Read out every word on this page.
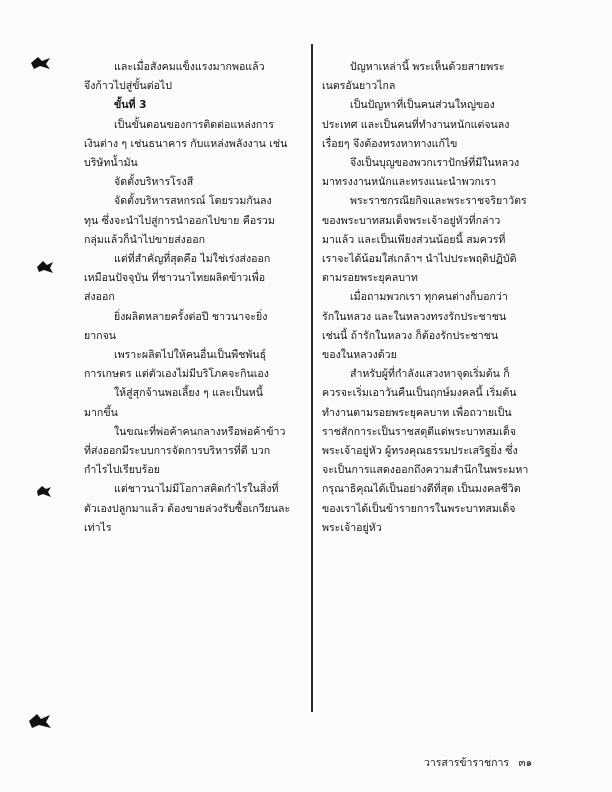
และเมื่อสังคมแข็งแรงมากพอแล้ว

จึงก้าวไปสู่ขั้นต่อไป

ขั้นที่ 3

เป็นขั้นตอนของการติดต่อแหล่งการ

เงินต่าง ๆ เช่นธนาคาร กับแหล่งพลังงาน เช่น

บริษัทน้ำมัน

จัดตั้งบริหารโรงสี

จัดตั้งบริหารสหกรณ์ โดยรวมกันลง

ทุน ซึ่งจะนำไปสู่การนำออกไปขาย คือรวม

กลุ่มแล้วก็นำไปขายส่งออก

แต่ที่สำคัญที่สุดคือ ไม่ใช่เร่งส่งออก

เหมือนปัจจุบัน ที่ชาวนาไทยผลิตข้าวเพื่อ

ส่งออก

ยิ่งผลิตหลายครั้งต่อปี ชาวนาจะยิ่ง

ยากจน

เพราะผลิตไปให้คนอื่นเป็นพืชพันธุ์

การเกษตร แต่ตัวเองไม่มีบริโภคจะกินเอง

ให้สู่สุกจ้านพอเลี้ยง ๆ และเป็นหนี้

มากขึ้น

ในขณะที่พ่อค้าคนกลางหรือพ่อค้าข้าว

ที่ส่งออกมีระบบการจัดการบริหารที่ดี บวก

กำไรไปเรียบร้อย

แต่ชาวนาไม่มีโอกาสคิดกำไรในสิ่งที่

ตัวเองปลูกมาแล้ว ต้องขายล่วงรับซื้อเกวียนละ

เท่าไร

ปัญหาเหล่านี้ พระเห็นด้วยสายพระ

เนตรอันยาวไกล

เป็นปัญหาที่เป็นคนส่วนใหญ่ของ

ประเทศ และเป็นคนที่ทำงานหนักแต่จนลง

เรื่อยๆ จึงต้องทรงหาทางแก้ไข

จึงเป็นบุญของพวกเราปักษ์ที่มีในหลวง

มาทรงงานหนักและทรงแนะนำพวกเรา

พระราชกรณียกิจและพระราชจริยาวัตร

ของพระบาทสมเด็จพระเจ้าอยู่หัวที่กล่าว

มาแล้ว และเป็นเพียงส่วนน้อยนี้ สมควรที่

เราจะได้น้อมใส่เกล้าฯ นำไปประพฤติปฏิบัติ

ตามรอยพระยุคลบาท

เมื่อถามพวกเรา ทุกคนต่างก็บอกว่า

รักในหลวง และในหลวงทรงรักประชาชน

เช่นนี้ ถ้ารักในหลวง ก็ต้องรักประชาชน

ของในหลวงด้วย

สำหรับผู้ที่กำลังแสวงหาจุดเริ่มต้น ก็

ควรจะเริ่มเอาวันคืนเป็นฤกษ์มงคลนี้ เริ่มต้น

ทำงานตามรอยพระยุคลบาท เพื่อถวายเป็น

ราชสักการะเป็นราชสดุดีแด่พระบาทสมเด็จ

พระเจ้าอยู่หัว ผู้ทรงคุณธรรมประเสริฐยิ่ง ซึ่ง

จะเป็นการแสดงออกถึงความสำนึกในพระมหา

กรุณาธิคุณได้เป็นอย่างดีที่สุด เป็นมงคลชีวิต

ของเราได้เป็นข้ารายการในพระบาทสมเด็จ

พระเจ้าอยู่หัว

วารสารข้าราชการ ๓๑
